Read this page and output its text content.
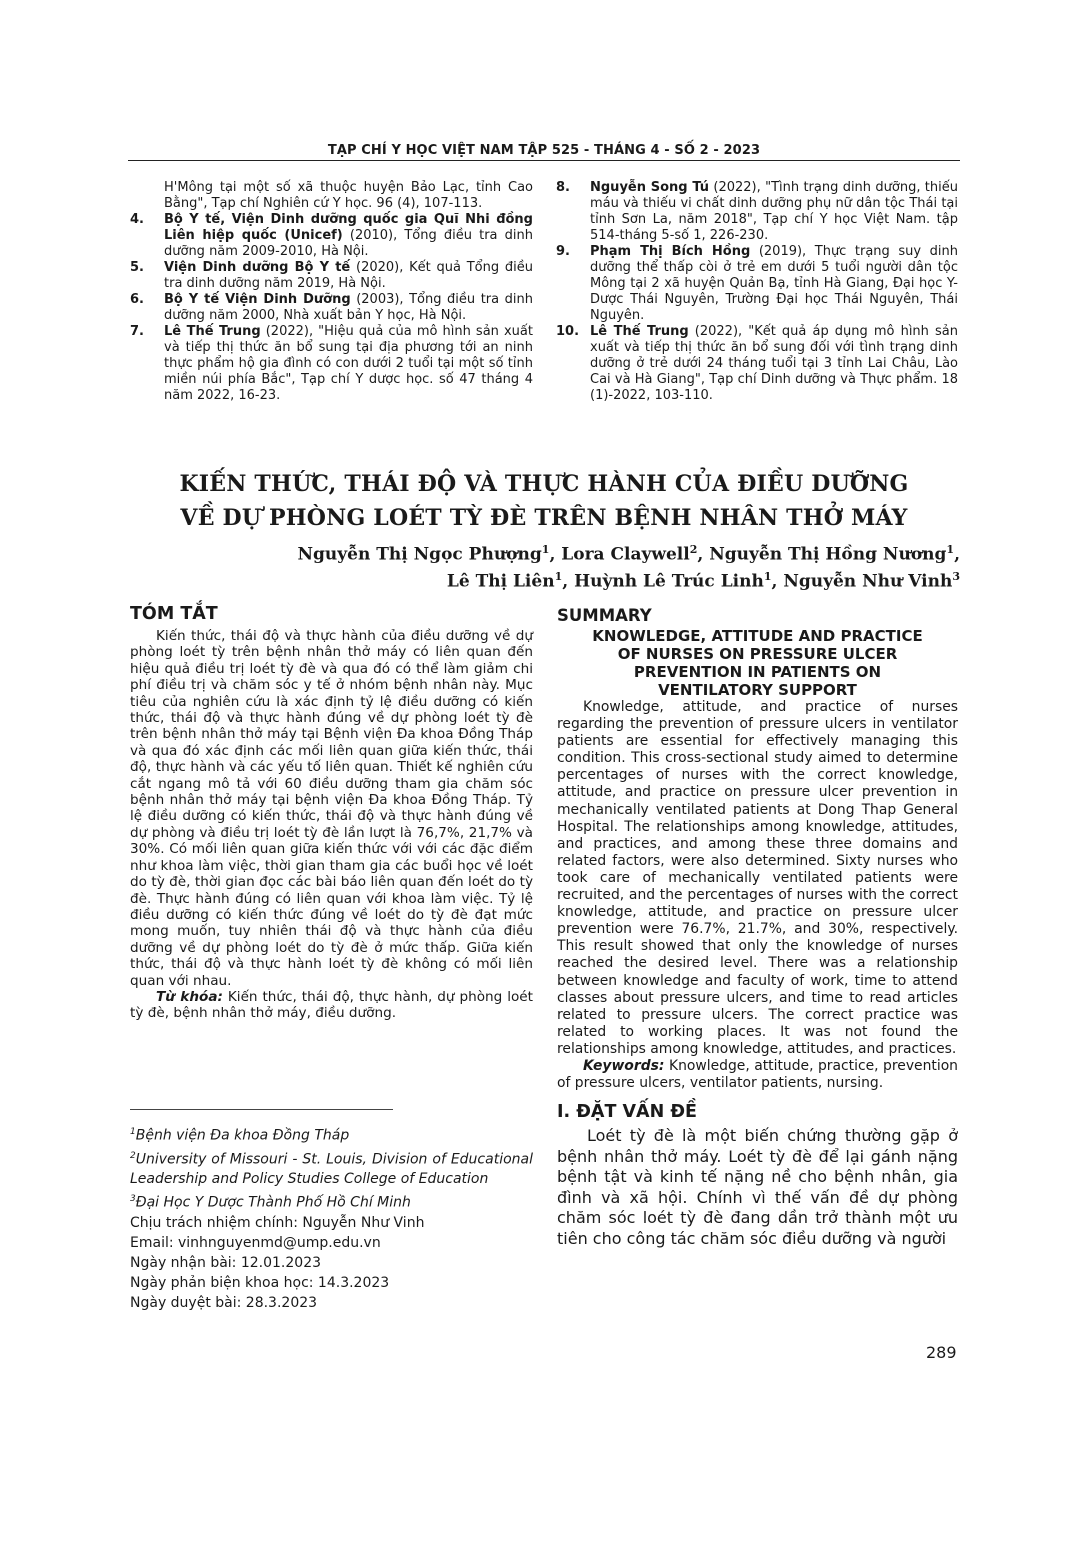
TẠP CHÍ Y HỌC VIỆT NAM TẬP 525 - THÁNG 4 - SỐ 2 - 2023
H'Mông tại một số xã thuộc huyện Bảo Lạc, tỉnh Cao Bằng", Tạp chí Nghiên cứ Y học. 96 (4), 107-113.
4. Bộ Y tế, Viện Dinh dưỡng quốc gia Quĩ Nhi đồng Liên hiệp quốc (Unicef) (2010), Tổng điều tra dinh dưỡng năm 2009-2010, Hà Nội.
5. Viện Dinh dưỡng Bộ Y tế (2020), Kết quả Tổng điều tra dinh dưỡng năm 2019, Hà Nội.
6. Bộ Y tế Viện Dinh Dưỡng (2003), Tổng điều tra dinh dưỡng năm 2000, Nhà xuất bản Y học, Hà Nội.
7. Lê Thế Trung (2022), "Hiệu quả của mô hình sản xuất và tiếp thị thức ăn bổ sung tại địa phương tới an ninh thực phẩm hộ gia đình có con dưới 2 tuổi tại một số tỉnh miền núi phía Bắc", Tạp chí Y dược học. số 47 tháng 4 năm 2022, 16-23.
8. Nguyễn Song Tú (2022), "Tình trạng dinh dưỡng, thiếu máu và thiếu vi chất dinh dưỡng phụ nữ dân tộc Thái tại tỉnh Sơn La, năm 2018", Tạp chí Y học Việt Nam. tập 514-tháng 5-số 1, 226-230.
9. Phạm Thị Bích Hồng (2019), Thực trạng suy dinh dưỡng thể thấp còi ở trẻ em dưới 5 tuổi người dân tộc Mông tại 2 xã huyện Quản Bạ, tỉnh Hà Giang, Đại học Y-Dược Thái Nguyên, Trường Đại học Thái Nguyên, Thái Nguyên.
10. Lê Thế Trung (2022), "Kết quả áp dụng mô hình sản xuất và tiếp thị thức ăn bổ sung đối với tình trạng dinh dưỡng ở trẻ dưới 24 tháng tuổi tại 3 tỉnh Lai Châu, Lào Cai và Hà Giang", Tạp chí Dinh dưỡng và Thực phẩm. 18 (1)-2022, 103-110.
KIẾN THỨC, THÁI ĐỘ VÀ THỰC HÀNH CỦA ĐIỀU DƯỠNG
VỀ DỰ PHÒNG LOÉT TỲ ĐÈ TRÊN BỆNH NHÂN THỞ MÁY
Nguyễn Thị Ngọc Phượng$^1$, Lora Claywell$^2$, Nguyễn Thị Hồng Nương$^1$,
Lê Thị Liên$^1$, Huỳnh Lê Trúc Linh$^1$, Nguyễn Như Vinh$^3$
TÓM TẮT

Kiến thức, thái độ và thực hành của điều dưỡng về dự phòng loét tỳ trên bệnh nhân thở máy có liên quan đến hiệu quả điều trị loét tỳ đè và qua đó có thể làm giảm chi phí điều trị và chăm sóc y tế ở nhóm bệnh nhân này. Mục tiêu của nghiên cứu là xác định tỷ lệ điều dưỡng có kiến thức, thái độ và thực hành đúng về dự phòng loét tỳ đè trên bệnh nhân thở máy tại Bệnh viện Đa khoa Đồng Tháp và qua đó xác định các mối liên quan giữa kiến thức, thái độ, thực hành và các yếu tố liên quan. Thiết kế nghiên cứu cắt ngang mô tả với 60 điều dưỡng tham gia chăm sóc bệnh nhân thở máy tại bệnh viện Đa khoa Đồng Tháp. Tỷ lệ điều dưỡng có kiến thức, thái độ và thực hành đúng về dự phòng và điều trị loét tỳ đè lần lượt là 76,7%, 21,7% và 30%. Có mối liên quan giữa kiến thức với với các đặc điểm như khoa làm việc, thời gian tham gia các buổi học về loét do tỳ đè, thời gian đọc các bài báo liên quan đến loét do tỳ đè. Thực hành đúng có liên quan với khoa làm việc. Tỷ lệ điều dưỡng có kiến thức đúng về loét do tỳ đè đạt mức mong muốn, tuy nhiên thái độ và thực hành của điều dưỡng về dự phòng loét do tỳ đè ở mức thấp. Giữa kiến thức, thái độ và thực hành loét tỳ đè không có mối liên quan với nhau.

Từ khóa: Kiến thức, thái độ, thực hành, dự phòng loét tỳ đè, bệnh nhân thở máy, điều dưỡng.

$^1$Bệnh viện Đa khoa Đồng Tháp
$^2$University of Missouri - St. Louis, Division of Educational Leadership and Policy Studies College of Education
$^3$Đại Học Y Dược Thành Phố Hồ Chí Minh
Chịu trách nhiệm chính: Nguyễn Như Vinh
Email: vinhnguyenmd@ump.edu.vn
Ngày nhận bài: 12.01.2023
Ngày phản biện khoa học: 14.3.2023
Ngày duyệt bài: 28.3.2023
SUMMARY
KNOWLEDGE, ATTITUDE AND PRACTICE
OF NURSES ON PRESSURE ULCER
PREVENTION IN PATIENTS ON
VENTILATORY SUPPORT

Knowledge, attitude, and practice of nurses regarding the prevention of pressure ulcers in ventilator patients are essential for effectively managing this condition. This cross-sectional study aimed to determine percentages of nurses with the correct knowledge, attitude, and practice on pressure ulcer prevention in mechanically ventilated patients at Dong Thap General Hospital. The relationships among knowledge, attitudes, and practices, and among these three domains and related factors, were also determined. Sixty nurses who took care of mechanically ventilated patients were recruited, and the percentages of nurses with the correct knowledge, attitude, and practice on pressure ulcer prevention were 76.7%, 21.7%, and 30%, respectively. This result showed that only the knowledge of nurses reached the desired level. There was a relationship between knowledge and faculty of work, time to attend classes about pressure ulcers, and time to read articles related to pressure ulcers. The correct practice was related to working places. It was not found the relationships among knowledge, attitudes, and practices.

Keywords: Knowledge, attitude, practice, prevention of pressure ulcers, ventilator patients, nursing.

I. ĐẶT VẤN ĐỀ

Loét tỳ đè là một biến chứng thường gặp ở bệnh nhân thở máy. Loét tỳ đè để lại gánh nặng bệnh tật và kinh tế nặng nề cho bệnh nhân, gia đình và xã hội. Chính vì thế vấn đề dự phòng chăm sóc loét tỳ đè đang dần trở thành một ưu tiên cho công tác chăm sóc điều dưỡng và người

289
